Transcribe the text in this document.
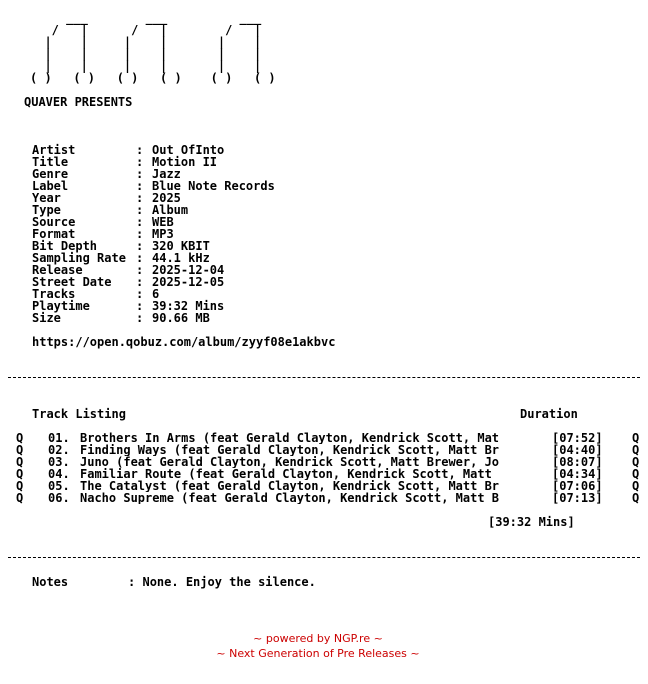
___        ___          ___
/   |      /   |        /   |
|    |     |    |       |    |
|    |     |    |       |    |
|    |     |    |       |    |
( )   ( )   ( )   ( )    ( )   ( )
QUAVER PRESENTS
Artist	: Out OfInto
Title	: Motion II
Genre	: Jazz
Label	: Blue Note Records
Year	: 2025
Type	: Album
Source	: WEB
Format	: MP3
Bit Depth	: 320 KBIT
Sampling Rate : 44.1 kHz
Release	: 2025-12-04
Street Date : 2025-12-05
Tracks	: 6
Playtime	: 39:32 Mins
Size	: 90.66 MB
https://open.qobuz.com/album/zyyf08e1akbvc
Track Listing	Duration
Q 01. Brothers In Arms (feat Gerald Clayton, Kendrick Scott, Mat	[07:52] Q
Q 02. Finding Ways (feat Gerald Clayton, Kendrick Scott, Matt Br	[04:40] Q
Q 03. Juno (feat Gerald Clayton, Kendrick Scott, Matt Brewer, Jo	[08:07] Q
Q 04. Familiar Route (feat Gerald Clayton, Kendrick Scott, Matt	[04:34] Q
Q 05. The Catalyst (feat Gerald Clayton, Kendrick Scott, Matt Br	[07:06] Q
Q 06. Nacho Supreme (feat Gerald Clayton, Kendrick Scott, Matt B	[07:13] Q
[39:32 Mins]
Notes	: None. Enjoy the silence.
~ powered by NGP.re ~
~ Next Generation of Pre Releases ~
